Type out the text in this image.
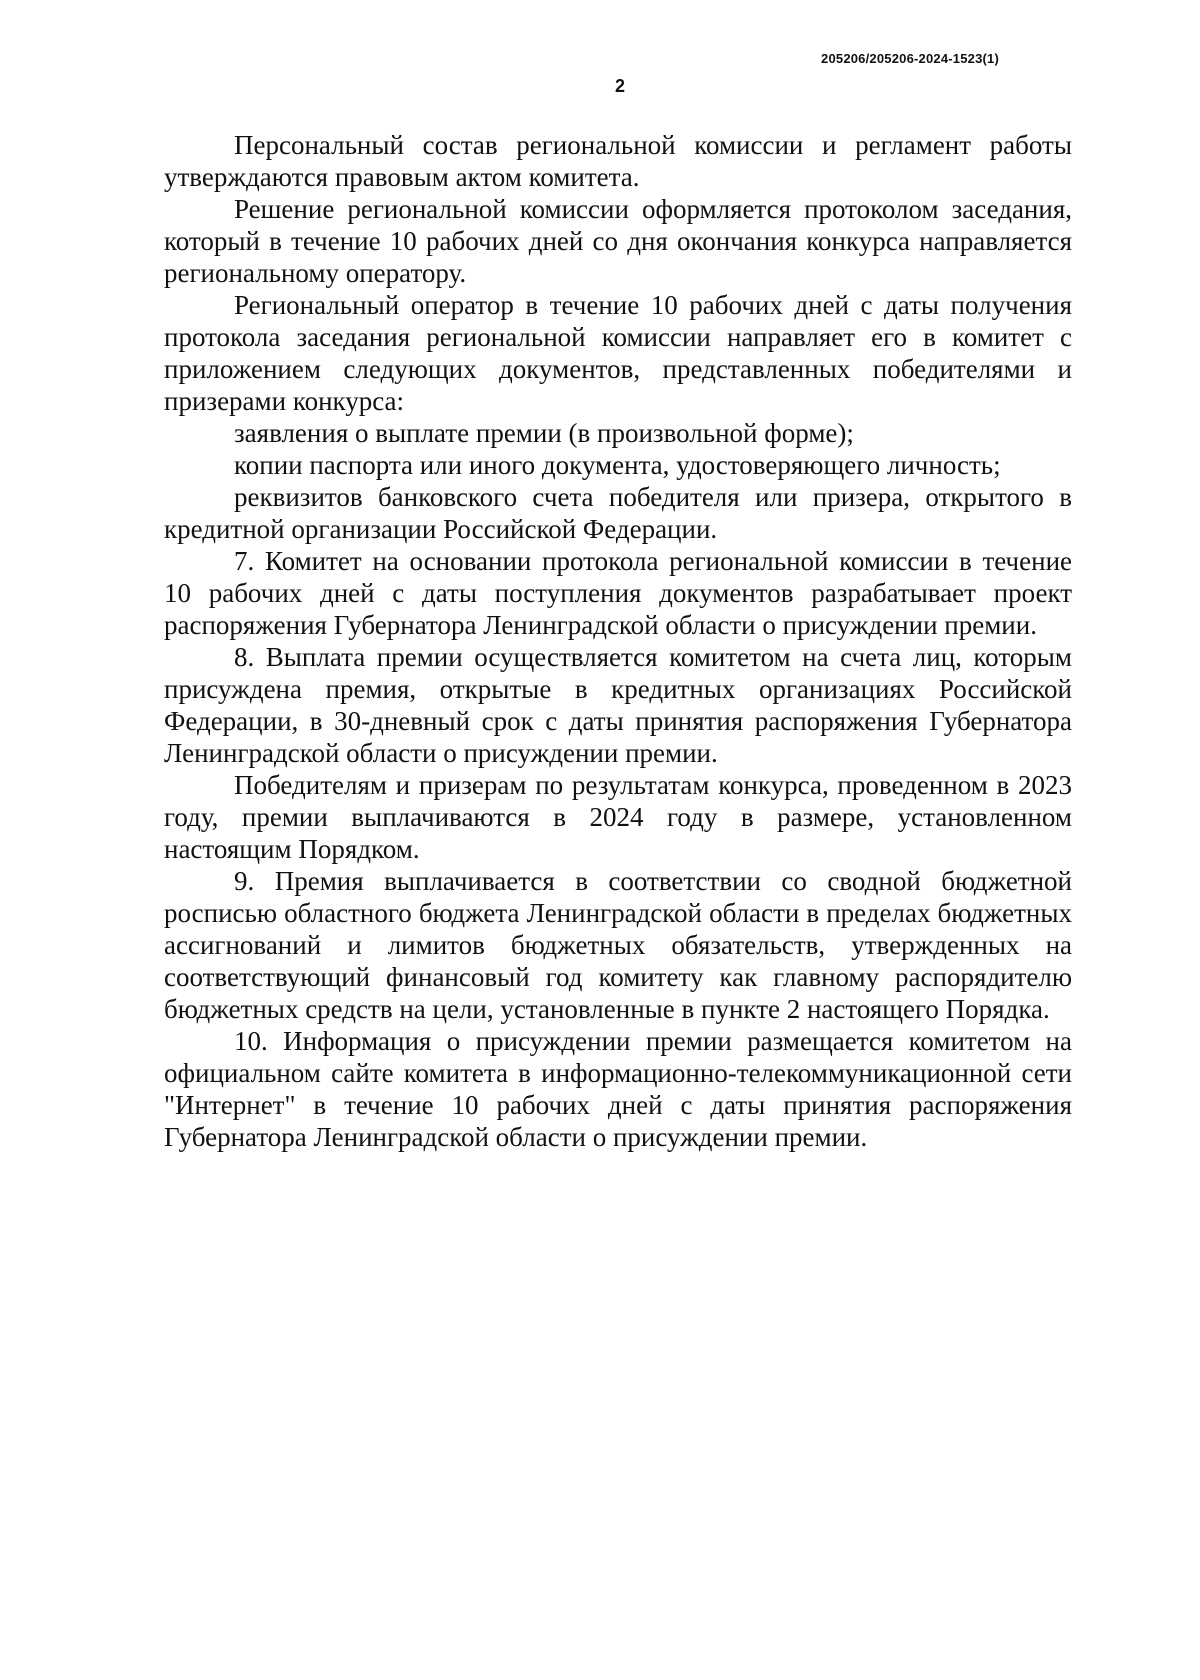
205206/205206-2024-1523(1)
2

Персональный состав региональной комиссии и регламент работы утверждаются правовым актом комитета.

Решение региональной комиссии оформляется протоколом заседания, который в течение 10 рабочих дней со дня окончания конкурса направляется региональному оператору.

Региональный оператор в течение 10 рабочих дней с даты получения протокола заседания региональной комиссии направляет его в комитет с приложением следующих документов, представленных победителями и призерами конкурса:

заявления о выплате премии (в произвольной форме);

копии паспорта или иного документа, удостоверяющего личность;

реквизитов банковского счета победителя или призера, открытого в кредитной организации Российской Федерации.

7. Комитет на основании протокола региональной комиссии в течение 10 рабочих дней с даты поступления документов разрабатывает проект распоряжения Губернатора Ленинградской области о присуждении премии.

8. Выплата премии осуществляется комитетом на счета лиц, которым присуждена премия, открытые в кредитных организациях Российской Федерации, в 30-дневный срок с даты принятия распоряжения Губернатора Ленинградской области о присуждении премии.

Победителям и призерам по результатам конкурса, проведенном в 2023 году, премии выплачиваются в 2024 году в размере, установленном настоящим Порядком.

9. Премия выплачивается в соответствии со сводной бюджетной росписью областного бюджета Ленинградской области в пределах бюджетных ассигнований и лимитов бюджетных обязательств, утвержденных на соответствующий финансовый год комитету как главному распорядителю бюджетных средств на цели, установленные в пункте 2 настоящего Порядка.

10. Информация о присуждении премии размещается комитетом на официальном сайте комитета в информационно-телекоммуникационной сети "Интернет" в течение 10 рабочих дней с даты принятия распоряжения Губернатора Ленинградской области о присуждении премии.
